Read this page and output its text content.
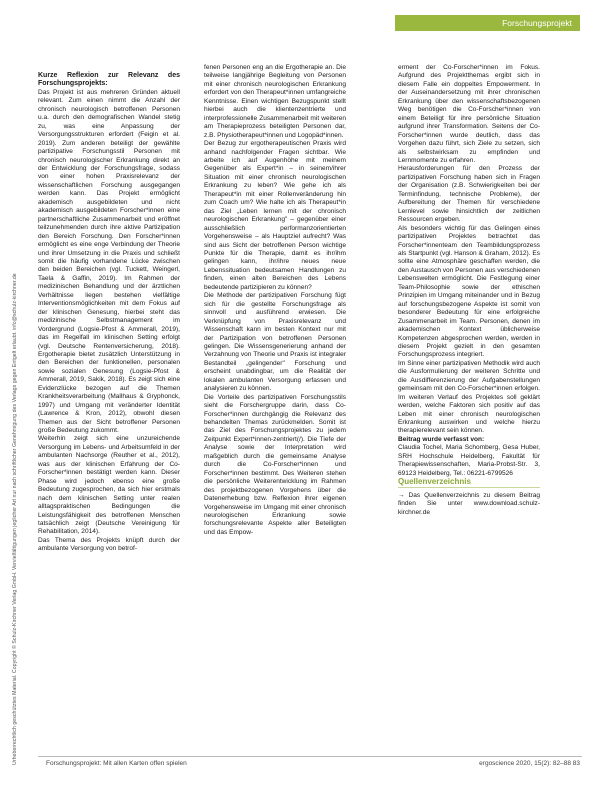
Urheberrechtlich geschütztes Material. Copyright © Schulz-Kirchner Verlag GmbH. Vervielfältigungen jeglicher Art nur nach schriftlicher Genehmigung des Verlags gegen Entgelt erlaubt. info@schulz-kirchner.de
Forschungsprojekt

Kurze Reflexion zur Relevanz des Forschungsprojekts:

Das Projekt ist aus mehreren Gründen aktuell relevant. Zum einen nimmt die Anzahl der chronisch neurologisch betroffenen Personen u.a. durch den demografischen Wandel stetig zu, was eine Anpassung der Versorgungsstrukturen erfordert (Feigin et al. 2019). Zum anderen beteiligt der gewählte partizipative Forschungsstil Personen mit chronisch neurologischer Erkrankung direkt an der Entwicklung der Forschungsfrage, sodass von einer hohen Praxisrelevanz der wissenschaftlichen Forschung ausgegangen werden kann. Das Projekt ermöglicht akademisch ausgebildeten und nicht akademisch ausgebildeten Forscher*innen eine partnerschaftliche Zusammenarbeit und eröffnet teilzunehmenden durch ihre aktive Partizipation den Bereich Forschung. Den Forscher*innen ermöglicht es eine enge Verbindung der Theorie und ihrer Umsetzung in die Praxis und schließt somit die häufig vorhandene Lücke zwischen den beiden Bereichen (vgl. Tuckett, Weingerl, Taela & Gaffin, 2019). Im Rahmen der medizinischen Behandlung und der ärztlichen Verhältnisse liegen bestehen vielfältige Interventionsmöglichkeiten mit dem Fokus auf der klinischen Genesung, hierbei steht das medizinische Selbstmanagement im Vordergrund (Logsie-Pfost & Ammerall, 2019), das im Regelfall im klinischen Setting erfolgt (vgl. Deutsche Rentenversicherung, 2018). Ergotherapie bietet zusätzlich Unterstützung in den Bereichen der funktionellen, personalen sowie sozialen Genesung (Logsie-Pfost & Ammerall, 2019, Sakik, 2018). Es zeigt sich eine Evidenzlücke bezogen auf die Themen Krankheitsverarbeitung (Mallhaus & Gryphonck, 1997) und Umgang mit veränderter Identität (Lawrence & Kron, 2012), obwohl diesen Themen aus der Sicht betroffener Personen große Bedeutung zukommt.

Weiterhin zeigt sich eine unzureichende Versorgung im Lebens- und Arbeitsumfeld in der ambulanten Nachsorge (Reuther et al., 2012), was aus der klinischen Erfahrung der Co-Forscher*innen bestätigt werden kann. Dieser Phase wird jedoch ebenso eine große Bedeutung zugesprochen, da sich hier erstmals nach dem klinischen Setting unter realen alltagspraktischen Bedingungen die Leistungsfähigkeit des betroffenen Menschen tatsächlich zeigt (Deutsche Vereinigung für Rehabilitation, 2014).

Das Thema des Projekts knüpft durch der ambulante Versorgung von betrof-

fenen Personen eng an die Ergotherapie an. Die teilweise langjährige Begleitung von Personen mit einer chronisch neurologischen Erkrankung erfordert von den Therapeut*innen umfangreiche Kenntnisse. Einen wichtigen Bezugspunkt stellt hierbei auch die klientenzentrierte und interprofessionelle Zusammenarbeit mit weiteren am Therapieprozess beteiligten Personen dar, z.B. Physiotherapeut*innen und Logopäd*innen.

Der Bezug zur ergotherapeutischen Praxis wird anhand nachfolgender Fragen sichtbar. Wie arbeite ich auf Augenhöhe mit meinem Gegenüber als Expert*in – in seinem/ihrer Situation mit einer chronisch neurologischen Erkrankung zu leben? Wie gehe ich als Therapeut*in mit einer Rollenveränderung hin zum Coach um? Wie halte ich als Therapeut*in das Ziel „Leben lernen mit der chronisch neurologischen Erkrankung" – gegenüber einer ausschließlich performanzorientierten Vorgehensweise – als Hauptziel aufrecht? Was sind aus Sicht der betroffenen Person wichtige Punkte für die Therapie, damit es ihr/ihm gelingen kann, ihr/ihre neues neue Lebenssituation bedeutsamen Handlungen zu finden, einen alten Bereichen des Lebens bedeutende partizipieren zu können?

Die Methode der partizipativen Forschung fügt sich für die gestellte Forschungsfrage als sinnvoll und ausführend erwiesen. Die Verknüpfung von Praxisrelevanz und Wissenschaft kann im besten Kontext nur mit der Partizipation von betroffenen Personen gelingen. Die Wissensgenerierung anhand der Verzahnung von Theorie und Praxis ist integraler Bestandteil „gelingender" Forschung und erscheint unabdingbar, um die Realität der lokalen ambulanten Versorgung erfassen und analysieren zu können.

Die Vorteile des partizipativen Forschungsstils sieht die Forschergruppe darin, dass Co-Forscher*innen durchgängig die Relevanz des behandelten Themas zurückmelden. Somit ist das Ziel des Forschungsprojektes zu jedem Zeitpunkt Expert*innen-zentriert(/). Die Tiefe der Analyse sowie der Interpretation wird maßgeblich durch die gemeinsame Analyse durch die Co-Forscher*innen und Forscher*innen bestimmt. Des Weiteren stehen die persönliche Weiterentwicklung im Rahmen des projektbezogenen Vorgehens über die Datenerhebung bzw. Reflexion ihrer eigenen Vorgehensweise im Umgang mit einer chronisch neurologischen Erkrankung sowie forschungsrelevante Aspekte aller Beteiligten und das Empow-

erment der Co-Forscher*innen im Fokus. Aufgrund des Projektthemas ergibt sich in diesem Falle ein doppeltes Empowerment. In der Auseinandersetzung mit ihrer chronischen Erkrankung über den wissenschaftsbezogenen Weg benötigen die Co-Forscher*innen von einem Beteiligt für ihre persönliche Situation aufgrund ihrer Transformation. Seitens der Co-Forscher*innen wurde deutlich, dass das Vorgehen dazu führt, sich Ziele zu setzen, sich als selbstwirksam zu empfinden und Lernmomente zu erfahren.

Herausforderungen für den Prozess der partizipativen Forschung haben sich in Fragen der Organisation (z.B. Schwierigkeiten bei der Terminfindung, technische Probleme), der Aufbereitung der Themen für verschiedene Lernlevel sowie hinsichtlich der zeitlichen Ressourcen ergeben.

Als besonders wichtig für das Gelingen eines partizipativen Projektes betrachtet das Forscher*innenteam den Teambildungsprozess als Startpunkt (vgl. Hanson & Graham, 2012). Es sollte eine Atmosphäre geschaffen werden, die den Austausch von Personen aus verschiedenen Lebenswelten ermöglicht. Die Festlegung einer Team-Philosophie sowie der ethischen Prinzipien im Umgang miteinander und in Bezug auf forschungsbezogene Aspekte ist somit von besonderer Bedeutung für eine erfolgreiche Zusammenarbeit im Team. Personen, denen im akademischen Kontext üblicherweise Kompetenzen abgesprochen werden, werden in diesem Projekt gezielt in den gesamten Forschungsprozess integriert.

Im Sinne einer partizipativen Methodik wird auch die Ausformulierung der weiteren Schritte und die Ausdifferenzierung der Aufgabenstellungen gemeinsam mit den Co-Forscher*innen erfolgen. Im weiteren Verlauf des Projektes soll geklärt werden, welche Faktoren sich positiv auf das Leben mit einer chronisch neurologischen Erkrankung auswirken und welche hierzu therapierelevant sein können.

Beitrag wurde verfasst von:

Claudia Tochel, Maria Schomberg, Gesa Huber, SRH Hochschule Heidelberg, Fakultät für Therapiewissenschaften, Maria-Probst-Str. 3, 69123 Heidelberg, Tel.: 06221-6799526

Quellenverzeichnis

→ Das Quellenverzeichnis zu diesem Beitrag finden Sie unter www.download.schulz-kirchner.de

Forschungsprojekt: Mit allen Karten offen spielen	ergoscience 2020, 15(2): 82–88 83
